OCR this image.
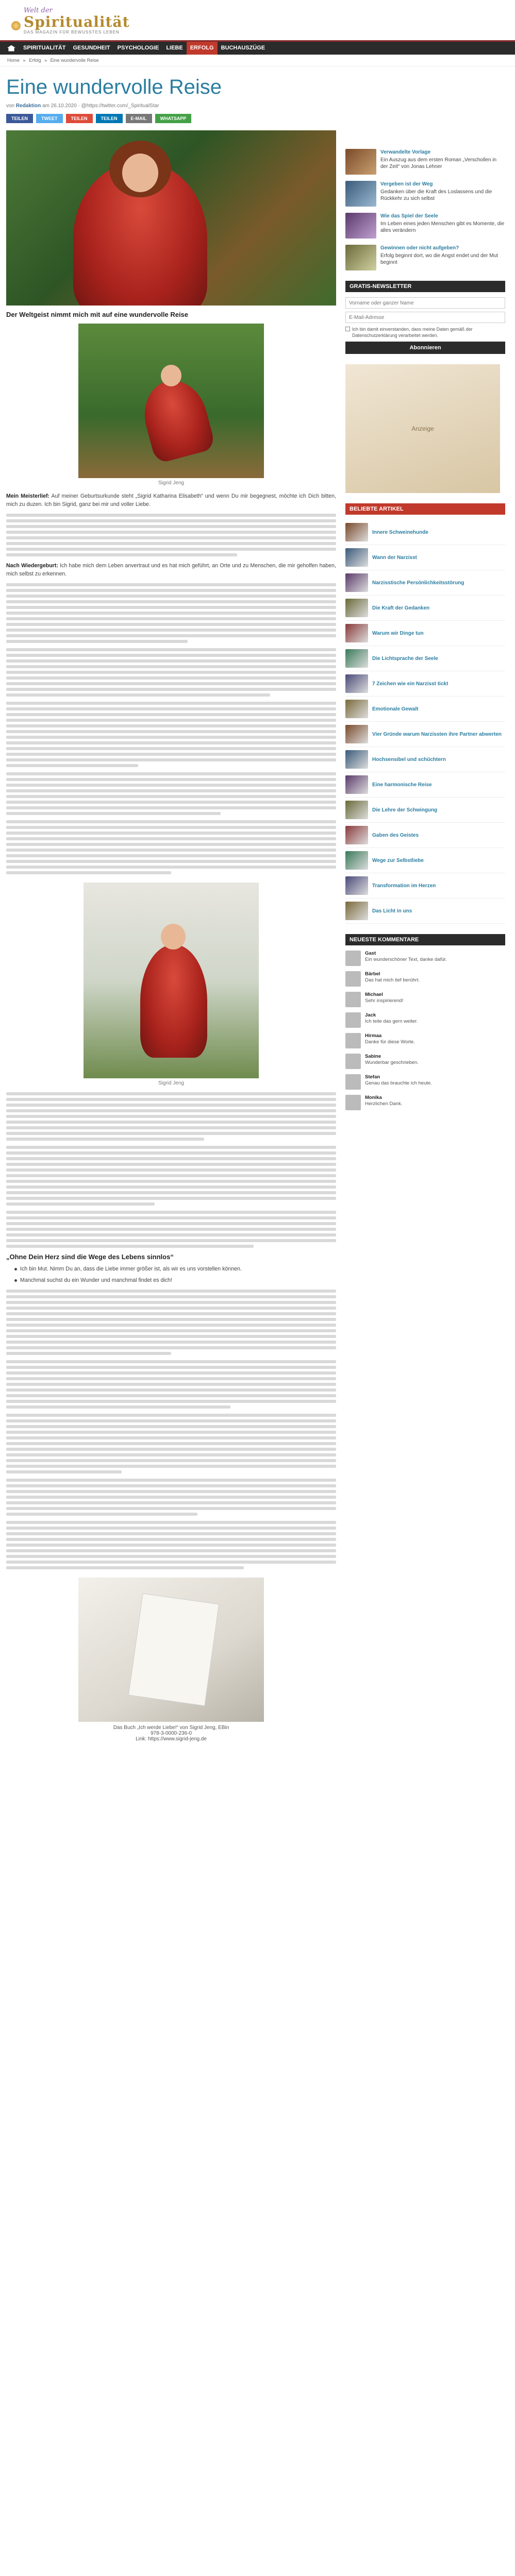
Welt der
Spiritualität
DAS MAGAZIN FÜR BEWUSSTES LEBEN
SPIRITUALITÄT	GESUNDHEIT	PSYCHOLOGIE	LIEBE	ERFOLG	BUCHAUSZÜGE
Home » Erfolg » Eine wundervolle Reise
Eine wundervolle Reise
von Redaktion am 26.10.2020 · @https://twitter.com/_SpiritualStar
TEILEN	TWEET	TEILEN	TEILEN	E-MAIL	WHATSAPP
Der Weltgeist nimmt mich mit auf eine wundervolle Reise
Sigrid Jeng

Mein Meisterlief: Auf meiner Geburtsurkunde steht „Sigrid Katharina Elisabeth“ und wenn Du mir begegnest, möchte ich Dich bitten, mich zu duzen. Ich bin Sigrid, ganz bei mir und voller Liebe.

Nach Wiedergeburt: Ich habe mich dem Leben anvertraut und es hat mich geführt, an Orte und zu Menschen, die mir geholfen haben, mich selbst zu erkennen.

Sigrid Jeng
„Ohne Dein Herz sind die Wege des Lebens sinnlos“
Ich bin Mut. Nimm Du an, dass die Liebe immer größer ist, als wir es uns vorstellen können.
Manchmal suchst du ein Wunder und manchmal findet es dich!
Das Buch „Ich werde Liebe!“ von Sigrid Jeng, EBin
978-3-0000-236-0
Link: https://www.sigrid-jeng.de
Verwandelte Vorlage
Ein Auszug aus dem ersten Roman „Verschollen in der Zeit“ von Jonas Lehner
Vergeben ist der Weg
Gedanken über die Kraft des Loslassens und die Rückkehr zu sich selbst
Wie das Spiel der Seele
Im Leben eines jeden Menschen gibt es Momente, die alles verändern
Gewinnen oder nicht aufgeben?
Erfolg beginnt dort, wo die Angst endet und der Mut beginnt
GRATIS-NEWSLETTER
Vorname oder ganzer Name E-Mail-Adresse
Ich bin damit einverstanden, dass meine Daten gemäß der Datenschutzerklärung verarbeitet werden.
Abonnieren
Anzeige
BELIEBTE ARTIKEL
Innere Schweinehunde
Wann der Narzisst
Narzisstische Persönlichkeitsstörung
Die Kraft der Gedanken
Warum wir Dinge tun
Die Lichtsprache der Seele
7 Zeichen wie ein Narzisst tickt
Emotionale Gewalt
Vier Gründe warum Narzissten ihre Partner abwerten
Hochsensibel und schüchtern
Eine harmonische Reise
Die Lehre der Schwingung
Gaben des Geistes
Wege zur Selbstliebe
Transformation im Herzen
Das Licht in uns
NEUESTE KOMMENTARE
Gast
Ein wunderschöner Text, danke dafür.
Bärbel
Das hat mich tief berührt.
Michael
Sehr inspirierend!
Jack
Ich teile das gern weiter.
Hirmaa
Danke für diese Worte.
Sabine
Wunderbar geschrieben.
Stefan
Genau das brauchte ich heute.
Monika
Herzlichen Dank.
